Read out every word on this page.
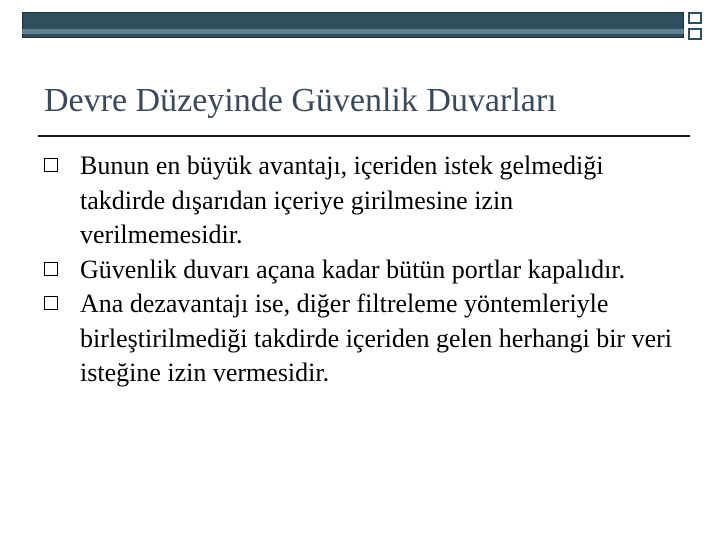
Devre Düzeyinde Güvenlik Duvarları
Bunun en büyük avantajı, içeriden istek gelmediği takdirde dışarıdan içeriye girilmesine izin verilmemesidir.
Güvenlik duvarı açana kadar bütün portlar kapalıdır.
Ana dezavantajı ise, diğer filtreleme yöntemleriyle birleştirilmediği takdirde içeriden gelen herhangi bir veri isteğine izin vermesidir.
